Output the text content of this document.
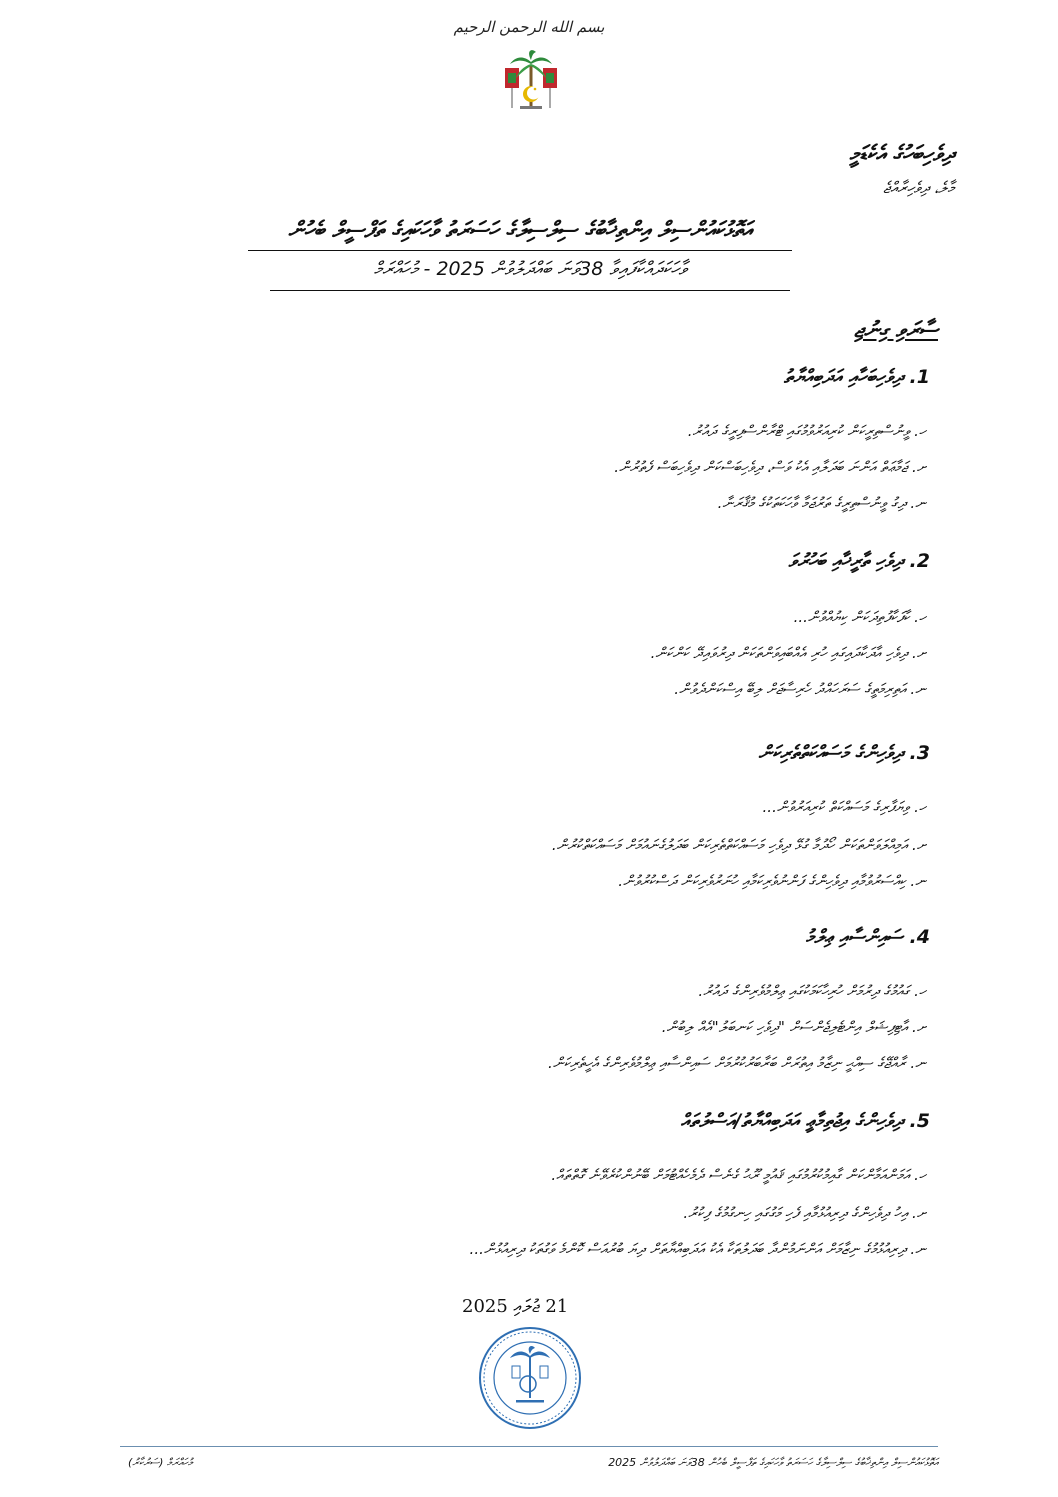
بسم الله الرحمن الرحيم
ދިވެހިބަހުގެ އެކެޑަމީ
މާލެ، ދިވެހިރާއްޖެ
އަތޮޅުކައުންސިލް އިންތިޚާބުގެ ސިލްސިލާގެ ހަސަރަތު ވާހަކައިގެ ތަފްސީލް ބެހުން
ވާހަކަދައްކާފައިވާ 38ވަނަ ބައްދަލުވުން 2025 - މުހައްރަމް
ސާރަވި ގިނުޖި
1. ދިވެހިބަހާއި އަދަބިއްޔާތު
ހ. ވީނުސްތިރީކަން ކުރިއަރުވުމުގައި ޓްރާންސްފިރީގެ ދައުރު.
ށ. ޖަމާޢަތް އަންނަ ބަދަލާއި އެކު ވަސް، ދިވެހިބަސްކަން ދިވެހިބަސް ފެތުރުން.
ނ. ދިގު ވީނުސްތިރީގެ ތަރުޖަމާ ވާހަކަތަކުގެ މުޤާރަނާ.
2. ދިވެހި ތާރީޚާއި ބަހުރުވަ
ހ. ކާފަކާފުތިދަކަން ކިޔުއްވުން...
ށ. ދިވެހި އާދަކާދައިގައި ހުރި އެއްބައިވަންތަކަން ދިރުވައިދޭ ކަންކަން.
ނ. އަތިރިމަތީގެ ސަރަހައްދު ހެރިސާޖަށް ލިބޭ އިސްކަންދެވުން.
3. ދިވެހިންގެ މަސައްކަތްތެރިކަން
ހ. ވިޔަފާރިގެ މަސައްކަތް ކުރިއަރުވުން...
ށ. އަމިއްލަވަންތަކަން ހޯދުމާ ގުޅޭ ދިވެހި މަސައްކަތްތެރިކަން ބަދަލުގެނައުމަށް މަސައްކަތްކުރުން.
ނ. ކިއްސަރުވުމާއި ދިވެހިންގެ ފަންނުވެރިކަމާއި ހުނަރުވެރިކަން ދަސްކުރުވުން.
4. ސައިންސާއި ޢިލްމު
ހ. ގައުމުގެ ދިރުމަށް ހުރިހާކަމަކުގައި ޢިލްމުވެރިންގެ ދައުރު.
ށ. އާޓިފިޝަލް އިންޓެލިޖެންސަށް "ދިވެހި ކަނބަލު"އެއް ލިބުން.
ނ. ރާއްޖޭގެ ސިއްޙީ ނިޒާމު އިތުރަށް ބަރާބަރުކުރުމަށް ސައިންސާއި ޢިލްމުވެރިންގެ އެހީތެރިކަން.
5. ދިވެހިންގެ އިޖުތިމާޢީ އަދަބިއްޔާތު/އަސްލުތައް
ހ. އަމަންއަމާންކަން ގާއިމުކުރުމުގައި ޤައުމީ ރޫޙު ގެނެސް ދެމެހެއްޓުމަށް ބޭނުންކުރެވޭނެ ގޮތްތައް.
ށ. އިހު ދިވެހިންގެ ދިރިއުޅުމާއި ފެހި މަގުގައި ހިނގުމުގެ ފިކުރު.
ނ. ދިރިއުޅުމުގެ ނިޒާމަށް އަންނަމުންދާ ބަދަލުތަކާ އެކު އަދަބިއްޔާތަށް ދިޔަ ބުރުއަސް ކޮންމެ ވަގުތަކު ދިރިއުޅުން...
21 ޖުލައި 2025
މުހައްރަމް (ސަރުކާރު)	އަތޮޅުކައުންސިލް އިންތިޚާބުގެ ސިލްސިލާގެ ހަސަރަތު ވާހަކައިގެ ތަފްސީލް ބެހުން 38ވަނަ ބައްދަލުވުން 2025
